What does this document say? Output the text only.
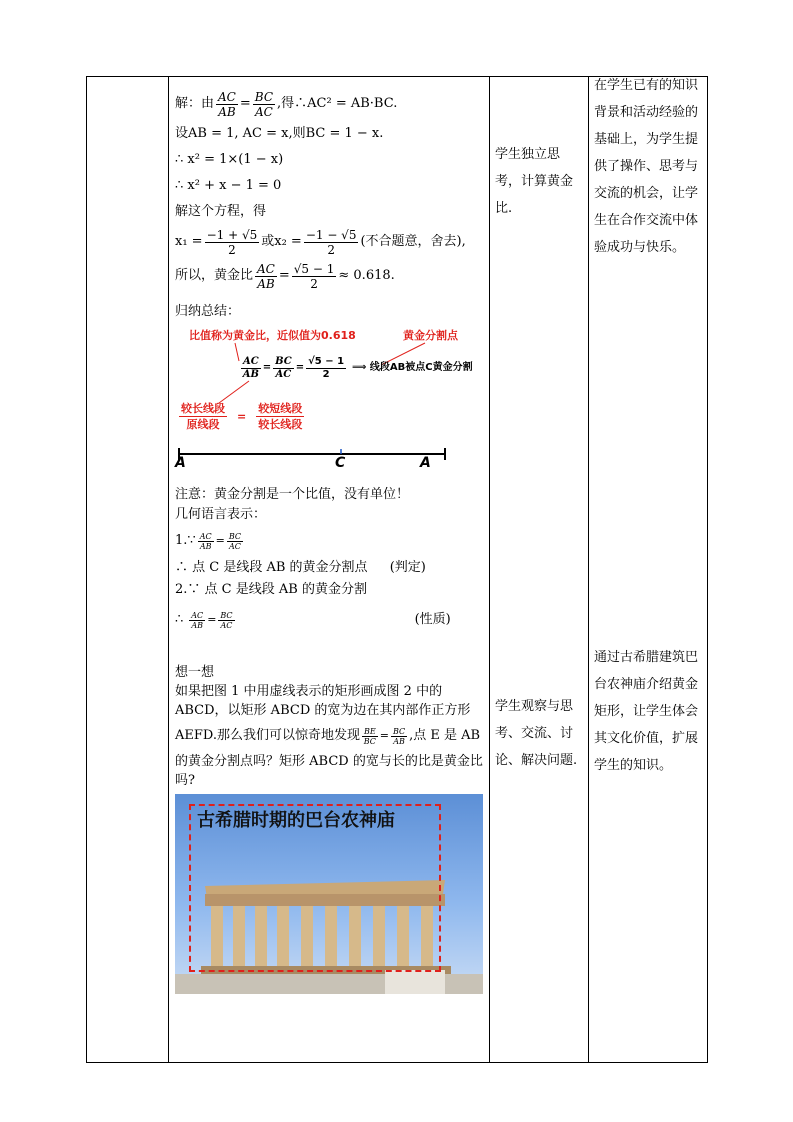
解：由 $\frac{AC}{AB} = \frac{BC}{AC}$ ,得∴AC² = AB·BC.
设AB = 1, AC = x,则BC = 1 − x.
∴ x² = 1×(1 − x)
∴ x² + x − 1 = 0
解这个方程，得
$x_1 = \frac{-1 + √5}{2}$ 或$x_2 = \frac{-1 - √5}{2}$ (不合题意，舍去),
所以，黄金比 $\frac{AC}{AB} = \frac{√5 - 1}{2} \approx 0.618$.
归纳总结：
比值称为黄金比，近似值为0.618	黄金分割点
$\frac{AC}{AB} = \frac{BC}{AC} = \frac{√5 - 1}{2}$ ⟹ 线段AB被点C黄金分割
$\frac{\text{较长线段}}{\text{原线段}} = \frac{\text{较短线段}}{\text{较长线段}}$
A	C	A
注意：黄金分割是一个比值，没有单位！
几何语言表示：
1.∵ $\frac{AC}{AB} = \frac{BC}{AC}$
∴ 点 C 是线段 AB 的黄金分割点 (判定)
2.∵ 点 C 是线段 AB 的黄金分割
∴ $\frac{AC}{AB} = \frac{BC}{AC}$	(性质)
想一想

如果把图 1 中用虚线表示的矩形画成图 2 中的ABCD，以矩形 ABCD 的宽为边在其内部作正方形

AEFD.那么我们可以惊奇地发现 $\frac{BE}{BC} = \frac{BC}{AB}$ ,点 E 是 AB

的黄金分割点吗？矩形 ABCD 的宽与长的比是黄金比吗?

古希腊时期的巴台农神庙
学生独立思考，计算黄金比.
学生观察与思考、交流、讨论、解决问题.
在学生已有的知识背景和活动经验的基础上，为学生提供了操作、思考与交流的机会，让学生在合作交流中体验成功与快乐。
通过古希腊建筑巴台农神庙介绍黄金矩形，让学生体会其文化价值，扩展学生的知识。
